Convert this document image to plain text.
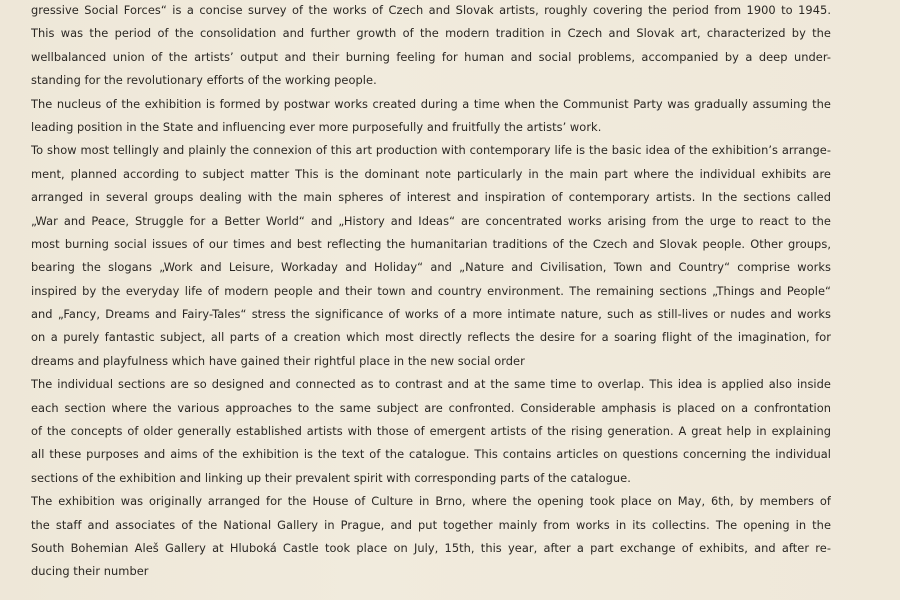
gressive Social Forces“ is a concise survey of the works of Czech and Slovak artists, roughly covering the period from 1900 to 1945.
This was the period of the consolidation and further growth of the modern tradition in Czech and Slovak art, characterized by the
wellbalanced union of the artists’ output and their burning feeling for human and social problems, accompanied by a deep under-
standing for the revolutionary efforts of the working people.
The nucleus of the exhibition is formed by postwar works created during a time when the Communist Party was gradually assuming the
leading position in the State and influencing ever more purposefully and fruitfully the artists’ work.
To show most tellingly and plainly the connexion of this art production with contemporary life is the basic idea of the exhibition’s arrange-
ment, planned according to subject matter This is the dominant note particularly in the main part where the individual exhibits are
arranged in several groups dealing with the main spheres of interest and inspiration of contemporary artists. In the sections called
„War and Peace, Struggle for a Better World“ and „History and Ideas“ are concentrated works arising from the urge to react to the
most burning social issues of our times and best reflecting the humanitarian traditions of the Czech and Slovak people. Other groups,
bearing the slogans „Work and Leisure, Workaday and Holiday“ and „Nature and Civilisation, Town and Country“ comprise works
inspired by the everyday life of modern people and their town and country environment. The remaining sections „Things and People“
and „Fancy, Dreams and Fairy-Tales“ stress the significance of works of a more intimate nature, such as still-lives or nudes and works
on a purely fantastic subject, all parts of a creation which most directly reflects the desire for a soaring flight of the imagination, for
dreams and playfulness which have gained their rightful place in the new social order
The individual sections are so designed and connected as to contrast and at the same time to overlap. This idea is applied also inside
each section where the various approaches to the same subject are confronted. Considerable amphasis is placed on a confrontation
of the concepts of older generally established artists with those of emergent artists of the rising generation. A great help in explaining
all these purposes and aims of the exhibition is the text of the catalogue. This contains articles on questions concerning the individual
sections of the exhibition and linking up their prevalent spirit with corresponding parts of the catalogue.
The exhibition was originally arranged for the House of Culture in Brno, where the opening took place on May, 6th, by members of
the staff and associates of the National Gallery in Prague, and put together mainly from works in its collectins. The opening in the
South Bohemian Aleš Gallery at Hluboká Castle took place on July, 15th, this year, after a part exchange of exhibits, and after re-
ducing their number
